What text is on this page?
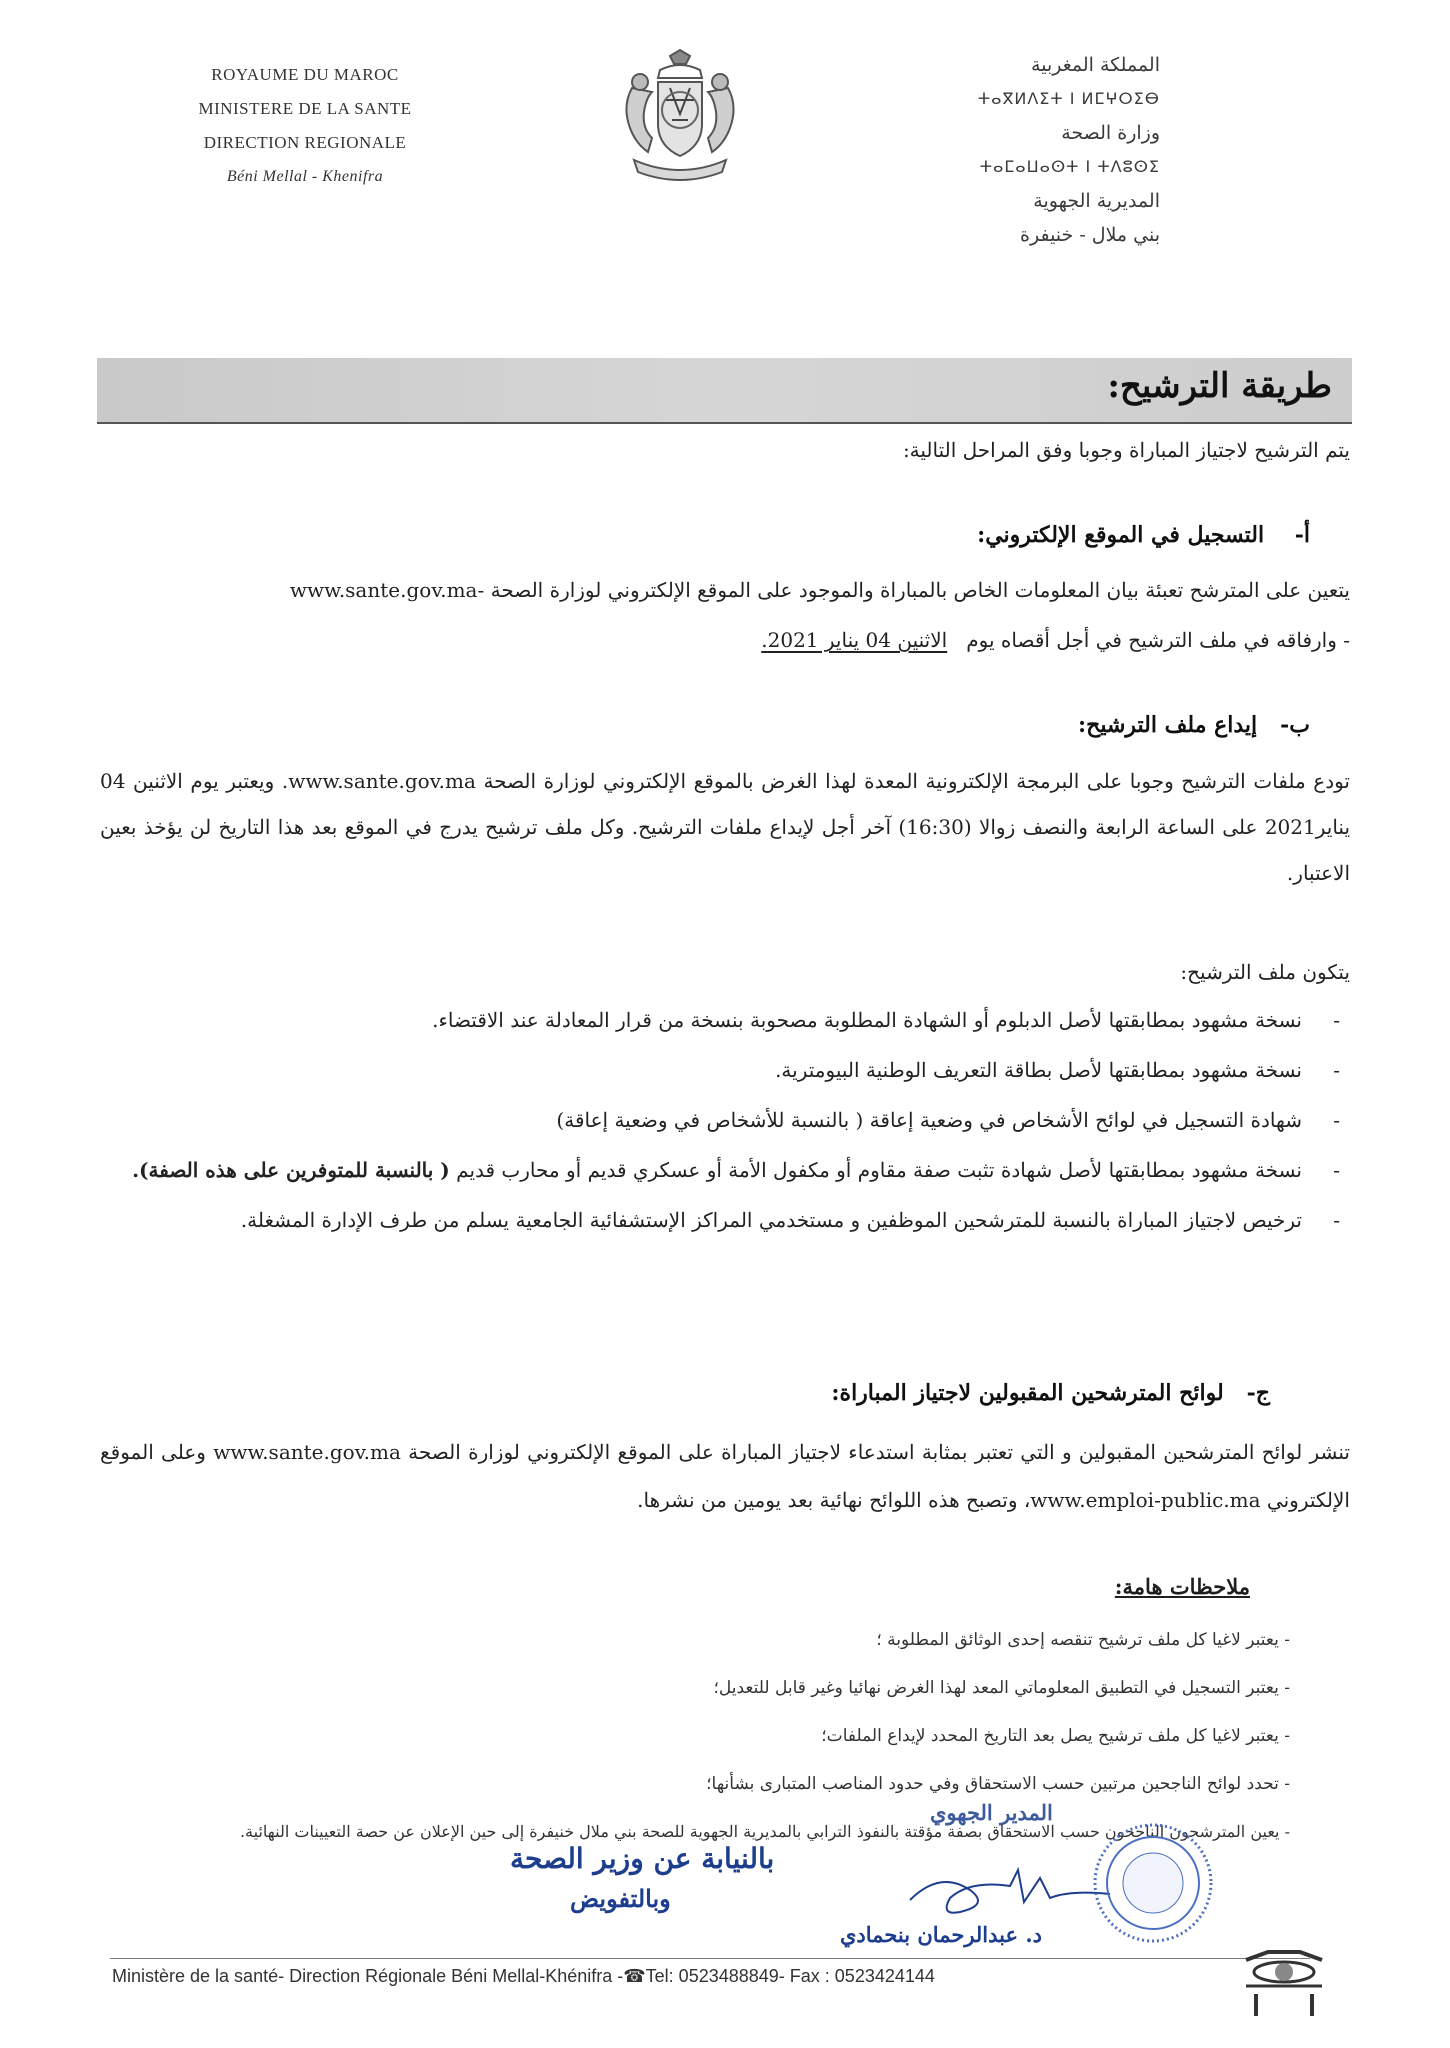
ROYAUME DU MAROC
MINISTERE DE LA SANTE
DIRECTION REGIONALE
Béni Mellal - Khenifra
المملكة المغربية
ⵜⴰⴳⵍⴷⵉⵜ ⵏ ⵍⵎⵖⵔⵉⴱ
وزارة الصحة
ⵜⴰⵎⴰⵡⴰⵙⵜ ⵏ ⵜⴷⵓⵙⵉ
المديرية الجهوية
بني ملال - خنيفرة
طريقة الترشيح:
يتم الترشيح لاجتياز المباراة وجوبا وفق المراحل التالية:
أ-    التسجيل في الموقع الإلكتروني:
يتعين على المترشح تعبئة بيان المعلومات الخاص بالمباراة والموجود على الموقع الإلكتروني لوزارة الصحة -www.sante.gov.ma
- وارفاقه في ملف الترشيح في أجل أقصاه يوم   الاثنين 04 يناير 2021.
ب-   إيداع ملف الترشيح:
تودع ملفات الترشيح وجوبا على البرمجة الإلكترونية المعدة لهذا الغرض بالموقع الإلكتروني لوزارة الصحة www.sante.gov.ma. ويعتبر يوم الاثنين 04 يناير2021 على الساعة الرابعة والنصف زوالا (16:30) آخر أجل لإيداع ملفات الترشيح. وكل ملف ترشيح يدرج في الموقع بعد هذا التاريخ لن يؤخذ بعين الاعتبار.
يتكون ملف الترشيح:
-
نسخة مشهود بمطابقتها لأصل الدبلوم أو الشهادة المطلوبة مصحوبة بنسخة من قرار المعادلة عند الاقتضاء.
-
نسخة مشهود بمطابقتها لأصل بطاقة التعريف الوطنية البيومترية.
-
شهادة التسجيل في لوائح الأشخاص في وضعية إعاقة ( بالنسبة للأشخاص في وضعية إعاقة)
-
نسخة مشهود بمطابقتها لأصل شهادة تثبت صفة مقاوم أو مكفول الأمة أو عسكري قديم أو محارب قديم ( بالنسبة للمتوفرين على هذه الصفة).
-
ترخيص لاجتياز المباراة بالنسبة للمترشحين الموظفين و مستخدمي المراكز الإستشفائية الجامعية يسلم من طرف الإدارة المشغلة.
ج-   لوائح المترشحين المقبولين لاجتياز المباراة:
تنشر لوائح المترشحين المقبولين و التي تعتبر بمثابة استدعاء لاجتياز المباراة على الموقع الإلكتروني لوزارة الصحة www.sante.gov.ma وعلى الموقع الإلكتروني www.emploi-public.ma، وتصبح هذه اللوائح نهائية بعد يومين من نشرها.
ملاحظات هامة:
- يعتبر لاغيا كل ملف ترشيح تنقصه إحدى الوثائق المطلوبة ؛
- يعتبر التسجيل في التطبيق المعلوماتي المعد لهذا الغرض نهائيا وغير قابل للتعديل؛
- يعتبر لاغيا كل ملف ترشيح يصل بعد التاريخ المحدد لإيداع الملفات؛
- تحدد لوائح الناجحين مرتبين حسب الاستحقاق وفي حدود المناصب المتبارى بشأنها؛
- يعين المترشحون الناجحون حسب الاستحقاق بصفة مؤقتة بالنفوذ الترابي بالمديرية الجهوية للصحة بني ملال خنيفرة إلى حين الإعلان عن حصة التعيينات النهائية.
المدير الجهوي
بالنيابة عن وزير الصحة
وبالتفويض
د. عبدالرحمان بنحمادي
Ministère de la santé- Direction Régionale Béni Mellal-Khénifra -☎Tel: 0523488849- Fax : 0523424144
